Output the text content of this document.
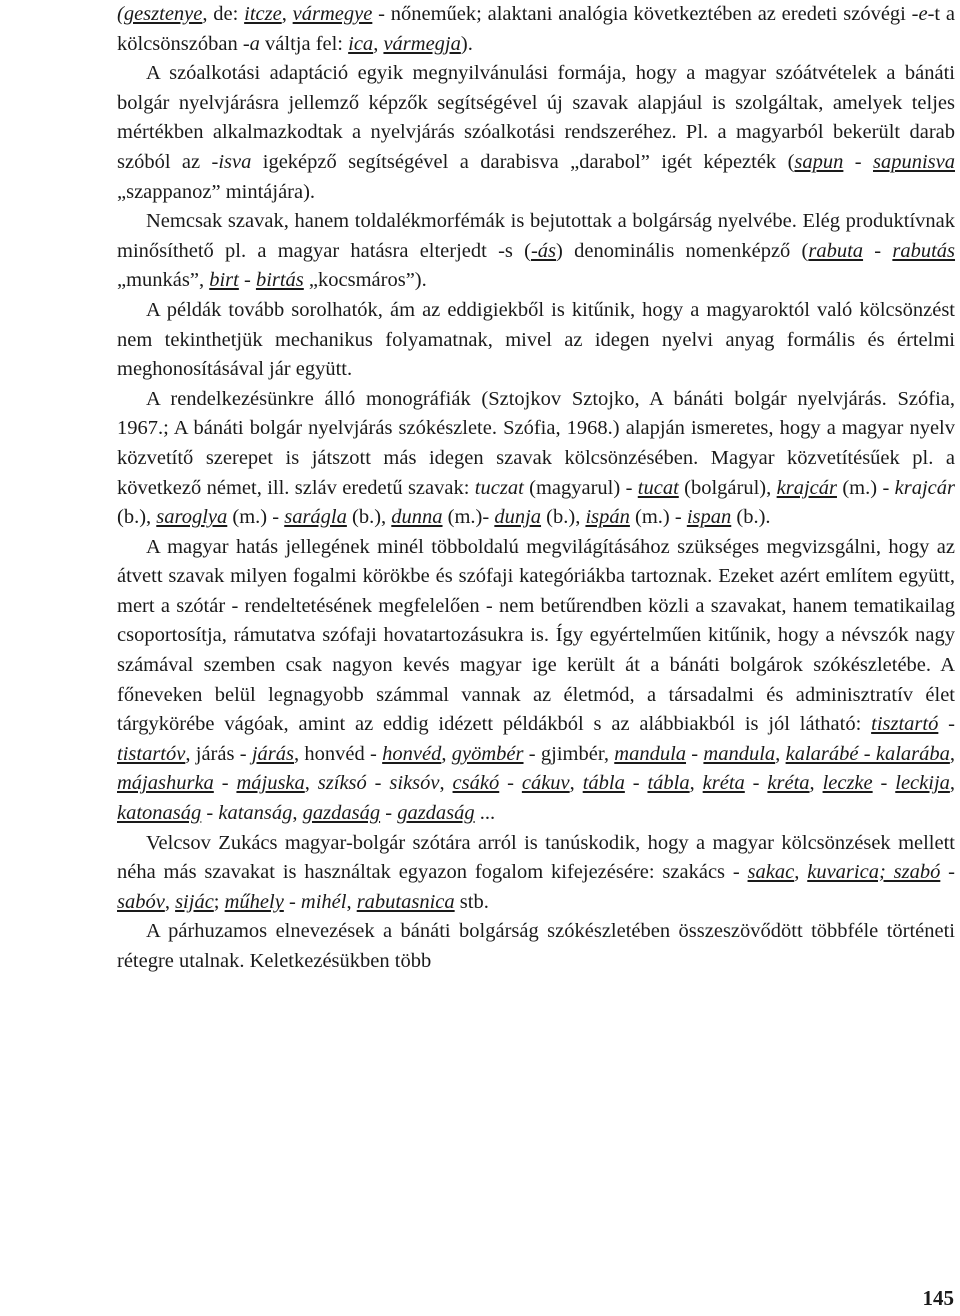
(gesztenye, de: itcze, vármegye - nőneműek; alaktani analógia következtében az eredeti szóvégi -e-t a kölcsönszóban -a váltja fel: ica, vármegja).

A szóalkotási adaptáció egyik megnyilvánulási formája, hogy a magyar szóátvételek a bánáti bolgár nyelvjárásra jellemző képzők segítségével új szavak alapjául is szolgáltak, amelyek teljes mértékben alkalmazkodtak a nyelvjárás szóalkotási rendszeréhez. Pl. a magyarból bekerült darab szóból az -isva igeképző segítségével a darabisva „darabol” igét képezték (sapun - sapunisva „szappanoz” mintájára).

Nemcsak szavak, hanem toldalékmorfémák is bejutottak a bolgárság nyelvébe. Elég produktívnak minősíthető pl. a magyar hatásra elterjedt -s (-ás) denominális nomenképző (rabuta - rabutás „munkás”, birt - birtás „kocsmáros”).

A példák tovább sorolhatók, ám az eddigiekből is kitűnik, hogy a magyaroktól való kölcsönzést nem tekinthetjük mechanikus folyamatnak, mivel az idegen nyelvi anyag formális és értelmi meghonosításával jár együtt.

A rendelkezésünkre álló monográfiák (Sztojkov Sztojko, A bánáti bolgár nyelvjárás. Szófia, 1967.; A bánáti bolgár nyelvjárás szókészlete. Szófia, 1968.) alapján ismeretes, hogy a magyar nyelv közvetítő szerepet is játszott más idegen szavak kölcsönzésében. Magyar közvetítésűek pl. a következő német, ill. szláv eredetű szavak: tuczat (magyarul) - tucat (bolgárul), krajcár (m.) - krajcár (b.), saroglya (m.) - sarágla (b.), dunna (m.)- dunja (b.), ispán (m.) - ispan (b.).

A magyar hatás jellegének minél többoldalú megvilágításához szükséges megvizsgálni, hogy az átvett szavak milyen fogalmi körökbe és szófaji kategóriákba tartoznak. Ezeket azért említem együtt, mert a szótár - rendeltetésének megfelelően - nem betűrendben közli a szavakat, hanem tematikailag csoportosítja, rámutatva szófaji hovatartozásukra is. Így egyértelműen kitűnik, hogy a névszók nagy számával szemben csak nagyon kevés magyar ige került át a bánáti bolgárok szókészletébe. A főneveken belül legnagyobb számmal vannak az életmód, a társadalmi és adminisztratív élet tárgykörébe vágóak, amint az eddig idézett példákból s az alábbiakból is jól látható: tisztartó - tistartóv, járás - járás, honvéd - honvéd, gyömbér - gjimbér, mandula - mandula, kalarábé - kalarába, májashurka - májuska, szíksó - siksóv, csákó - cákuv, tábla - tábla, kréta - kréta, leczke - leckija, katonaság - katanság, gazdaság - gazdaság ...

Velcsov Zukács magyar-bolgár szótára arról is tanúskodik, hogy a magyar kölcsönzések mellett néha más szavakat is használtak egyazon fogalom kifejezésére: szakács - sakac, kuvarica; szabó - sabóv, sijác; műhely - mihél, rabutasnica stb.

A párhuzamos elnevezések a bánáti bolgárság szókészletében összeszövődött többféle történeti rétegre utalnak. Keletkezésükben több

145
